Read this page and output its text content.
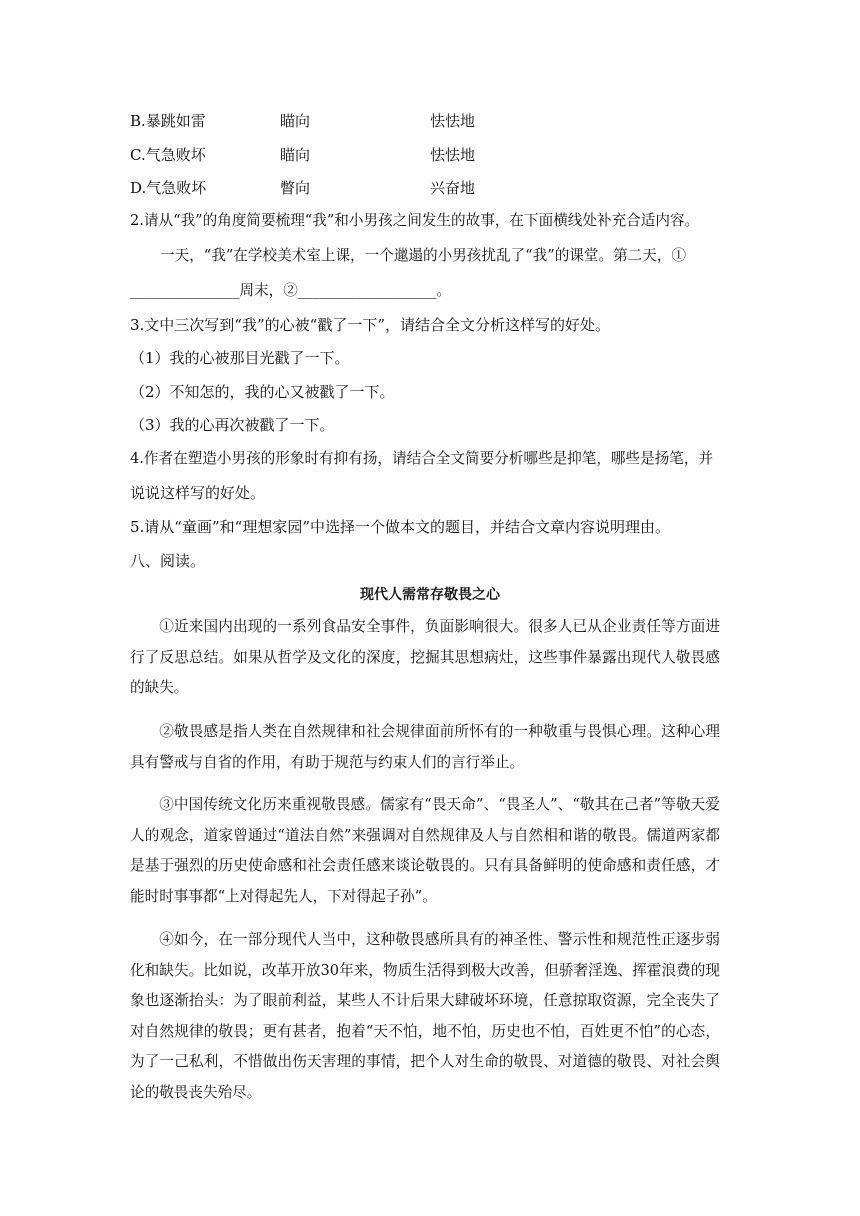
B.暴跳如雷	瞄向	怯怯地
C.气急败坏	瞄向	怯怯地
D.气急败坏	瞥向	兴奋地
2.请从“我”的角度简要梳理“我”和小男孩之间发生的故事，在下面横线处补充合适内容。
一天，“我”在学校美术室上课，一个邋遢的小男孩扰乱了“我”的课堂。第二天，①
_______________周末，②___________________。
3.文中三次写到“我”的心被“戳了一下”，请结合全文分析这样写的好处。
（1）我的心被那目光戳了一下。
（2）不知怎的，我的心又被戳了一下。
（3）我的心再次被戳了一下。
4.作者在塑造小男孩的形象时有抑有扬，请结合全文简要分析哪些是抑笔，哪些是扬笔，并
说说这样写的好处。
5.请从“童画”和“理想家园”中选择一个做本文的题目，并结合文章内容说明理由。
八、阅读。
现代人需常存敬畏之心
①近来国内出现的一系列食品安全事件，负面影响很大。很多人已从企业责任等方面进行了反思总结。如果从哲学及文化的深度，挖掘其思想病灶，这些事件暴露出现代人敬畏感的缺失。
②敬畏感是指人类在自然规律和社会规律面前所怀有的一种敬重与畏惧心理。这种心理具有警戒与自省的作用，有助于规范与约束人们的言行举止。
③中国传统文化历来重视敬畏感。儒家有“畏天命”、“畏圣人”、“敬其在己者”等敬天爱人的观念，道家曾通过“道法自然”来强调对自然规律及人与自然相和谐的敬畏。儒道两家都是基于强烈的历史使命感和社会责任感来谈论敬畏的。只有具备鲜明的使命感和责任感，才能时时事事都“上对得起先人，下对得起子孙”。
④如今，在一部分现代人当中，这种敬畏感所具有的神圣性、警示性和规范性正逐步弱化和缺失。比如说，改革开放30年来，物质生活得到极大改善，但骄奢淫逸、挥霍浪费的现象也逐渐抬头：为了眼前利益，某些人不计后果大肆破坏环境，任意掠取资源，完全丧失了对自然规律的敬畏；更有甚者，抱着“天不怕，地不怕，历史也不怕，百姓更不怕”的心态，为了一己私利，不惜做出伤天害理的事情，把个人对生命的敬畏、对道德的敬畏、对社会舆论的敬畏丧失殆尽。
